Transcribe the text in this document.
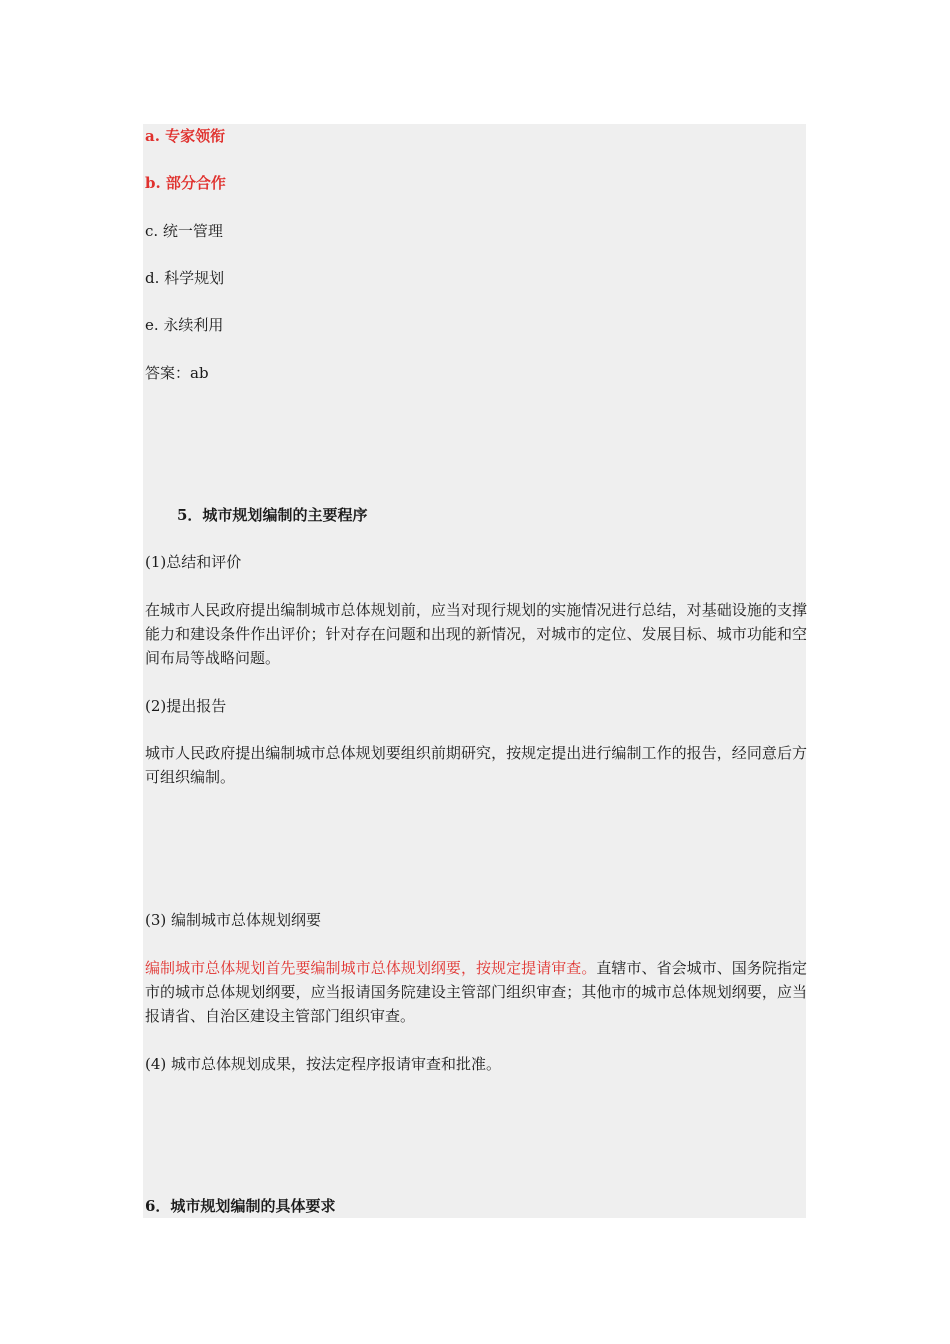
a. 专家领衔
b. 部分合作
c. 统一管理
d. 科学规划
e. 永续利用
答案：ab
5．城市规划编制的主要程序
(1)总结和评价
在城市人民政府提出编制城市总体规划前，应当对现行规划的实施情况进行总结，对基础设施的支撑能力和建设条件作出评价；针对存在问题和出现的新情况，对城市的定位、发展目标、城市功能和空间布局等战略问题。
(2)提出报告
城市人民政府提出编制城市总体规划要组织前期研究，按规定提出进行编制工作的报告，经同意后方可组织编制。
(3) 编制城市总体规划纲要
编制城市总体规划首先要编制城市总体规划纲要，按规定提请审查。直辖市、省会城市、国务院指定市的城市总体规划纲要，应当报请国务院建设主管部门组织审查；其他市的城市总体规划纲要，应当报请省、自治区建设主管部门组织审查。
(4) 城市总体规划成果，按法定程序报请审查和批准。
6．城市规划编制的具体要求
